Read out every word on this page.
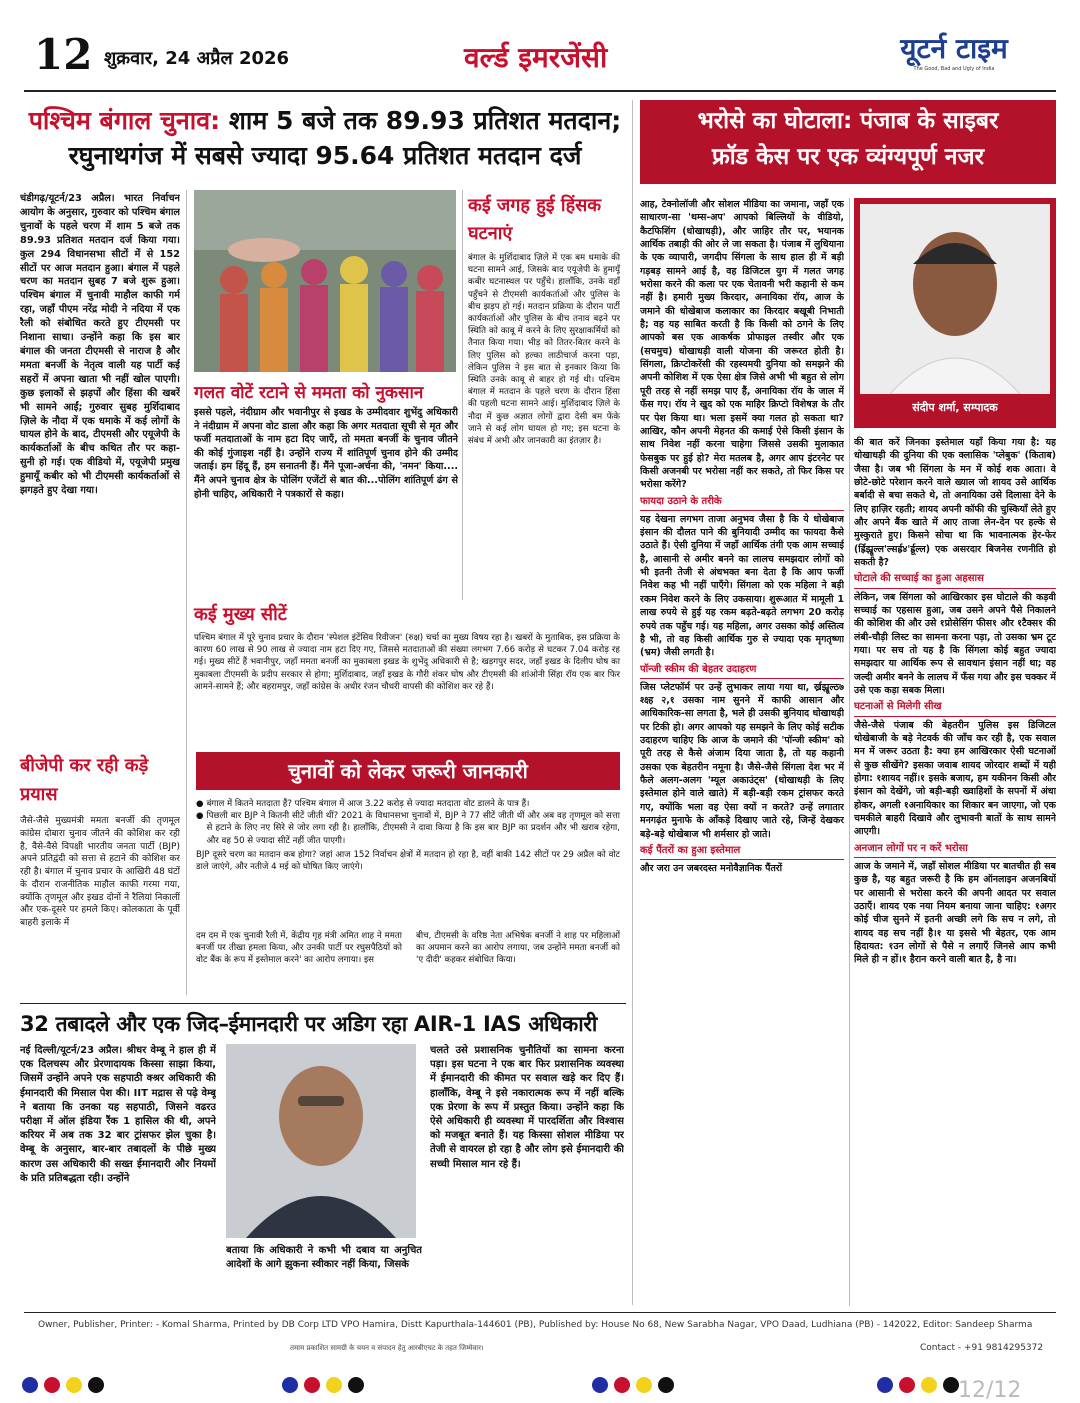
12 शुक्रवार, 24 अप्रैल 2026	वर्ल्ड इमरजेंसी	यूटर्न टाइम
The Good, Bad and Ugly of India
पश्चिम बंगाल चुनाव: शाम 5 बजे तक 89.93 प्रतिशत मतदान;
रघुनाथगंज में सबसे ज्यादा 95.64 प्रतिशत मतदान दर्ज

चंडीगढ़/यूटर्न/23 अप्रैल। भारत निर्वाचन आयोग के अनुसार, गुरुवार को पश्चिम बंगाल चुनावों के पहले चरण में शाम 5 बजे तक 89.93 प्रतिशत मतदान दर्ज किया गया। कुल 294 विधानसभा सीटों में से 152 सीटों पर आज मतदान हुआ। बंगाल में पहले चरण का मतदान सुबह 7 बजे शुरू हुआ। पश्चिम बंगाल में चुनावी माहौल काफी गर्म रहा, जहाँ पीएम नरेंद्र मोदी ने नदिया में एक रैली को संबोधित करते हुए टीएमसी पर निशाना साधा। उन्होंने कहा कि इस बार बंगाल की जनता टीएमसी से नाराज है और ममता बनर्जी के नेतृत्व वाली यह पार्टी कई सहरों में अपना खाता भी नहीं खोल पाएगी। कुछ इलाकों से झड़पों और हिंसा की खबरें भी सामने आईं; गुरुवार सुबह मुर्शिदाबाद ज़िले के नौदा में एक धमाके में कई लोगों के घायल होने के बाद, टीएमसी और एयूजेपी के कार्यकर्ताओं के बीच कथित तौर पर कहा-सुनी हो गई। एक वीडियो में, एयूजेपी प्रमुख हुमायूँ कबीर को भी टीएमसी कार्यकर्ताओं से झगड़ते हुए देखा गया।

बीजेपी कर रही कड़े प्रयास
जैसे-जैसे मुख्यमंत्री ममता बनर्जी की तृणमूल कांग्रेस दोबारा चुनाव जीतने की कोशिश कर रही है, वैसे-वैसे विपक्षी भारतीय जनता पार्टी (BJP) अपने प्रतिद्वंदी को सत्ता से हटाने की कोशिश कर रही है। बंगाल में चुनाव प्रचार के आखिरी 48 घंटों के दौरान राजनीतिक माहौल काफी गरमा गया, क्योंकि तृणमूल और इखड दोनों ने रैलियां निकालीं और एक-दूसरे पर हमले किए। कोलकाता के पूर्वी बाहरी इलाके में
कई जगह हुई हिंसक घटनाएं
बंगाल के मुर्शिदाबाद ज़िले में एक बम धमाके की घटना सामने आई, जिसके बाद एयूजेपी के हुमायूँ कबीर घटनास्थल पर पहुँचे। हालाँकि, उनके वहाँ पहुँचने से टीएमसी कार्यकर्ताओं और पुलिस के बीच झड़प हो गई। मतदान प्रक्रिया के दौरान पार्टी कार्यकर्ताओं और पुलिस के बीच तनाव बढ़ने पर स्थिति को काबू में करने के लिए सुरक्षाकर्मियों को तैनात किया गया। भीड़ को तितर-बितर करने के लिए पुलिस को हल्का लाठीचार्ज करना पड़ा, लेकिन पुलिस ने इस बात से इनकार किया कि स्थिति उनके काबू से बाहर हो गई थी। पश्चिम बंगाल में मतदान के पहले चरण के दौरान हिंसा की पहली घटना सामने आई। मुर्शिदाबाद ज़िले के नौदा में कुछ अज्ञात लोगों द्वारा देसी बम फेंके जाने से कई लोग घायल हो गए; इस घटना के संबंध में अभी और जानकारी का इंतज़ार है।
गलत वोटें रटाने से ममता को नुकसान
इससे पहले, नंदीग्राम और भवानीपुर से इखड के उम्मीदवार शुभेंदु अधिकारी ने नंदीग्राम में अपना वोट डाला और कहा कि अगर मतदाता सूची से मृत और फर्जी मतदाताओं के नाम हटा दिए जाएँ, तो ममता बनर्जी के चुनाव जीतने की कोई गुंजाइश नहीं है। उन्होंने राज्य में शांतिपूर्ण चुनाव होने की उम्मीद जताई। हम हिंदू हैं, हम सनातनी हैं। मैंने पूजा-अर्चना की, 'नमन' किया.... मैंने अपने चुनाव क्षेत्र के पोलिंग एजेंटों से बात की...पोलिंग शांतिपूर्ण ढंग से होनी चाहिए, अधिकारी ने पत्रकारों से कहा।
कई मुख्य सीटें
पश्चिम बंगाल में पूरे चुनाव प्रचार के दौरान 'स्पेशल इंटेंसिव रिवीजन' (रुक्ष) चर्चा का मुख्य विषय रहा है। खबरों के मुताबिक, इस प्रक्रिया के कारण 60 लाख से 90 लाख से ज्यादा नाम हटा दिए गए, जिससे मतदाताओं की संख्या लगभग 7.66 करोड़ से घटकर 7.04 करोड़ रह गई। मुख्य सीटें हैं भवानीपुर, जहाँ ममता बनर्जी का मुकाबला इखड के शुभेंदु अधिकारी से है; खड़गपुर सदर, जहाँ इखड के दिलीप घोष का मुकाबला टीएमसी के प्रदीप सरकार से होगा; मुर्शिदाबाद, जहाँ इखड के गौरी शंकर घोष और टीएमसी की शांओनी सिंहा रॉय एक बार फिर आमने-सामने हैं; और बहरामपुर, जहाँ कांग्रेस के अधीर रंजन चौधरी वापसी की कोशिश कर रहे हैं।
चुनावों को लेकर जरूरी जानकारी
● बंगाल में कितने मतदाता हैं? पश्चिम बंगाल में आज 3.22 करोड़ से ज्यादा मतदाता वोट डालने के पात्र हैं।
● पिछली बार BJP ने कितनी सीटें जीती थीं? 2021 के विधानसभा चुनावों में, BJP ने 77 सीटें जीती थीं और अब वह तृणमूल को सत्ता से हटाने के लिए नए सिरे से जोर लगा रही है। हालाँकि, टीएमसी ने दावा किया है कि इस बार BJP का प्रदर्शन और भी खराब रहेगा, और वह 50 से ज्यादा सीटें नहीं जीत पाएगी।
BJP दूसरे चरण का मतदान कब होगा? जहां आज 152 निर्वाचन क्षेत्रों में मतदान हो रहा है, वहीं बाकी 142 सीटों पर 29 अप्रैल को वोट डाले जाएंगे, और नतीजे 4 मई को घोषित किए जाएंगे।
दम दम में एक चुनावी रैली में, केंद्रीय गृह मंत्री अमित शाह ने ममता बनर्जी पर तीखा हमला किया, और उनकी पार्टी पर रघुसपैठियों को वोट बैंक के रूप में इस्तेमाल करने' का आरोप लगाया। इस
बीच, टीएमसी के वरिष्ठ नेता अभिषेक बनर्जी ने शाह पर महिलाओं का अपमान करने का आरोप लगाया, जब उन्होंने ममता बनर्जी को 'ए दीदी' कहकर संबोधित किया।
32 तबादले और एक जिद–ईमानदारी पर अडिग रहा AIR-1 IAS अधिकारी
नई दिल्ली/यूटर्न/23 अप्रैल। श्रीधर वेम्बू ने हाल ही में एक दिलचस्प और प्रेरणादायक किस्सा साझा किया, जिसमें उन्होंने अपने एक सहपाठी क्श्रर अधिकारी की ईमानदारी की मिसाल पेश की। IIT मद्रास से पढ़े वेम्बू ने बताया कि उनका यह सहपाठी, जिसने वढरउ परीक्षा में ऑल इंडिया रैंक 1 हासिल की थी, अपने करियर में अब तक 32 बार ट्रांसफर झेल चुका है। वेम्बू के अनुसार, बार-बार तबादलों के पीछे मुख्य कारण उस अधिकारी की सख्त ईमानदारी और नियमों के प्रति प्रतिबद्धता रही। उन्होंने
बताया कि अधिकारी ने कभी भी दबाव या अनुचित आदेशों के आगे झुकना स्वीकार नहीं किया, जिसके
चलते उसे प्रशासनिक चुनौतियों का सामना करना पड़ा। इस घटना ने एक बार फिर प्रशासनिक व्यवस्था में ईमानदारी की कीमत पर सवाल खड़े कर दिए हैं। हालाँकि, वेम्बू ने इसे नकारात्मक रूप में नहीं बल्कि एक प्रेरणा के रूप में प्रस्तुत किया। उन्होंने कहा कि ऐसे अधिकारी ही व्यवस्था में पारदर्शिता और विश्वास को मजबूत बनाते हैं। यह किस्सा सोशल मीडिया पर तेजी से वायरल हो रहा है और लोग इसे ईमानदारी की सच्ची मिसाल मान रहे हैं।
भरोसे का घोटाला: पंजाब के साइबर
फ्रॉड केस पर एक व्यंग्यपूर्ण नजर

आह, टेक्नोलॉजी और सोशल मीडिया का जमाना, जहाँ एक साधारण-सा 'थम्स-अप' आपको बिल्लियों के वीडियो, कैटफिशिंग (धोखाधड़ी), और जाहिर तौर पर, भयानक आर्थिक तबाही की ओर ले जा सकता है। पंजाब में लुधियाना के एक व्यापारी, जगदीप सिंगला के साथ हाल ही में बड़ी गड़बड़ सामने आई है, वह डिजिटल युग में गलत जगह भरोसा करने की कला पर एक चेतावनी भरी कहानी से कम नहीं है। हमारी मुख्य किरदार, अनायिका रॉय, आज के जमाने की धोखेबाज कलाकार का किरदार बखूबी निभाती है; वह यह साबित करती है कि किसी को ठगने के लिए आपको बस एक आकर्षक प्रोफाइल तस्वीर और एक (सचमुच) धोखाधड़ी वाली योजना की जरूरत होती है। सिंगला, क्रिप्टोकरेंसी की रहस्यमयी दुनिया को समझने की अपनी कोशिश में एक ऐसा क्षेत्र जिसे अभी भी बहुत से लोग पूरी तरह से नहीं समझ पाए हैं, अनायिका रॉय के जाल में फँस गए। रॉय ने खुद को एक माहिर क्रिप्टो विशेषज्ञ के तौर पर पेश किया था। भला इसमें क्या गलत हो सकता था? आखिर, कौन अपनी मेहनत की कमाई ऐसे किसी इंसान के साथ निवेश नहीं करना चाहेगा जिससे उसकी मुलाकात फेसबुक पर हुई हो? मेरा मतलब है, अगर आप इंटरनेट पर किसी अजनबी पर भरोसा नहीं कर सकते, तो फिर किस पर भरोसा करेंगे?

फायदा उठाने के तरीके

यह देखना लगभग ताजा अनुभव जैसा है कि ये धोखेबाज इंसान की दौलत पाने की बुनियादी उम्मीद का फायदा कैसे उठाते हैं। ऐसी दुनिया में जहाँ आर्थिक तंगी एक आम सच्चाई है, आसानी से अमीर बनने का लालच समझदार लोगों को भी इतनी तेजी से अंधभक्त बना देता है कि आप फर्जी निवेश कह भी नहीं पाएँगे। सिंगला को एक महिला ने बड़ी रकम निवेश करने के लिए उकसाया। शुरूआत में मामूली 1 लाख रुपये से हुई यह रकम बढ़ते-बढ़ते लगभग 20 करोड़ रुपये तक पहुँच गई। यह महिला, अगर उसका कोई अस्तित्व है भी, तो वह किसी आर्थिक गुरु से ज्यादा एक मृगतृष्णा (भ्रम) जैसी लगती है।

पॉन्जी स्कीम की बेहतर उदाहरण

जिस प्लेटफॉर्म पर उन्हें लुभाकर लाया गया था, र्ख्रझ्र्रूल्ठ७ श्क्ष्ह २,१ उसका नाम सुनने में काफी आसान और आधिकारिक-सा लगता है, भले ही उसकी बुनियाद धोखाधड़ी पर टिकी हो। अगर आपको यह समझने के लिए कोई सटीक उदाहरण चाहिए कि आज के जमाने की 'पॉन्जी स्कीम' को पूरी तरह से कैसे अंजाम दिया जाता है, तो यह कहानी उसका एक बेहतरीन नमूना है। जैसे-जैसे सिंगला देश भर में फैले अलग-अलग 'म्यूल अकाउंट्स' (धोखाधड़ी के लिए इस्तेमाल होने वाले खाते) में बड़ी-बड़ी रकम ट्रांसफर करते गए, क्योंकि भला वह ऐसा क्यों न करते? उन्हें लगातार मनगढ़ंत मुनाफे के आँकड़े दिखाए जाते रहे, जिन्हें देखकर बड़े-बड़े धोखेबाज भी शर्मसार हो जाते।

कई पैंतरों का हुआ इस्तेमाल

और जरा उन जबरदस्त मनोवैज्ञानिक पैंतरों

संदीप शर्मा, सम्पादक

की बात करें जिनका इस्तेमाल यहाँ किया गया है: यह धोखाधड़ी की दुनिया की एक क्लासिक 'प्लेबुक' (किताब) जैसा है। जब भी सिंगला के मन में कोई शक आता। वे छोटे-छोटे परेशान करने वाले ख्याल जो शायद उसे आर्थिक बर्बादी से बचा सकते थे, तो अनायिका उसे दिलासा देने के लिए हाज़िर रहती; शायद अपनी कॉफी की चुस्कियाँ लेते हुए और अपने बैंक खाते में आए ताजा लेन-देन पर हल्के से मुस्कुराते हुए। किसने सोचा था कि भावनात्मक हेर-फेर (र्ह्रिझ्र्रूल्ल'ल्सर्ह्र४'र्ह्रूल्ल) एक असरदार बिजनेस रणनीति हो सकती है?

घोटाले की सच्चाई का हुआ अहसास

लेकिन, जब सिंगला को आखिरकार इस घोटाले की कड़वी सच्चाई का एहसास हुआ, जब उसने अपने पैसे निकालने की कोशिश की और उसे १प्रोसेसिंग फीस१ और १टैक्स१ की लंबी-चौड़ी लिस्ट का सामना करना पड़ा, तो उसका भ्रम टूट गया। पर सच तो यह है कि सिंगला कोई बहुत ज्यादा समझदार या आर्थिक रूप से सावधान इंसान नहीं था; वह जल्दी अमीर बनने के लालच में फँस गया और इस चक्कर में उसे एक कड़ा सबक मिला।

घटनाओं से मिलेगी सीख

जैसे-जैसे पंजाब की बेहतरीन पुलिस इस डिजिटल धोखेबाजी के बड़े नेटवर्क की जाँच कर रही है, एक सवाल मन में जरूर उठता है: क्या हम आखिरकार ऐसी घटनाओं से कुछ सीखेंगे? इसका जवाब शायद जोरदार शब्दों में यही होगा: १शायद नहीं।१ इसके बजाय, हम यकीनन किसी और इंसान को देखेंगे, जो बड़ी-बड़ी ख्वाहिशों के सपनों में अंधा होकर, अगली १अनायिका१ का शिकार बन जाएगा, जो एक चमकीले बाहरी दिखावे और लुभावनी बातों के साथ सामने आएगी।

अनजान लोगों पर न करें भरोसा

आज के जमाने में, जहाँ सोशल मीडिया पर बातचीत ही सब कुछ है, यह बहुत जरूरी है कि हम ऑनलाइन अजनबियों पर आसानी से भरोसा करने की अपनी आदत पर सवाल उठाएँ। शायद एक नया नियम बनाया जाना चाहिए: १अगर कोई चीज सुनने में इतनी अच्छी लगे कि सच न लगे, तो शायद वह सच नहीं है।१ या इससे भी बेहतर, एक आम हिदायत: १उन लोगों से पैसे न लगाएँ जिनसे आप कभी मिले ही न हों।१ हैरान करने वाली बात है, है ना।

Owner, Publisher, Printer: - Komal Sharma, Printed by DB Corp LTD VPO Hamira, Distt Kapurthala-144601 (PB), Published by: House No 68, New Sarabha Nagar, VPO Daad, Ludhiana (PB) - 142022, Editor: Sandeep Sharma
तमाम प्रकाशित सामग्री के चयन व संपादन हेतु आरबीएचट के तहत जिम्मेवार।	Contact - +91 9814295372
12/12
